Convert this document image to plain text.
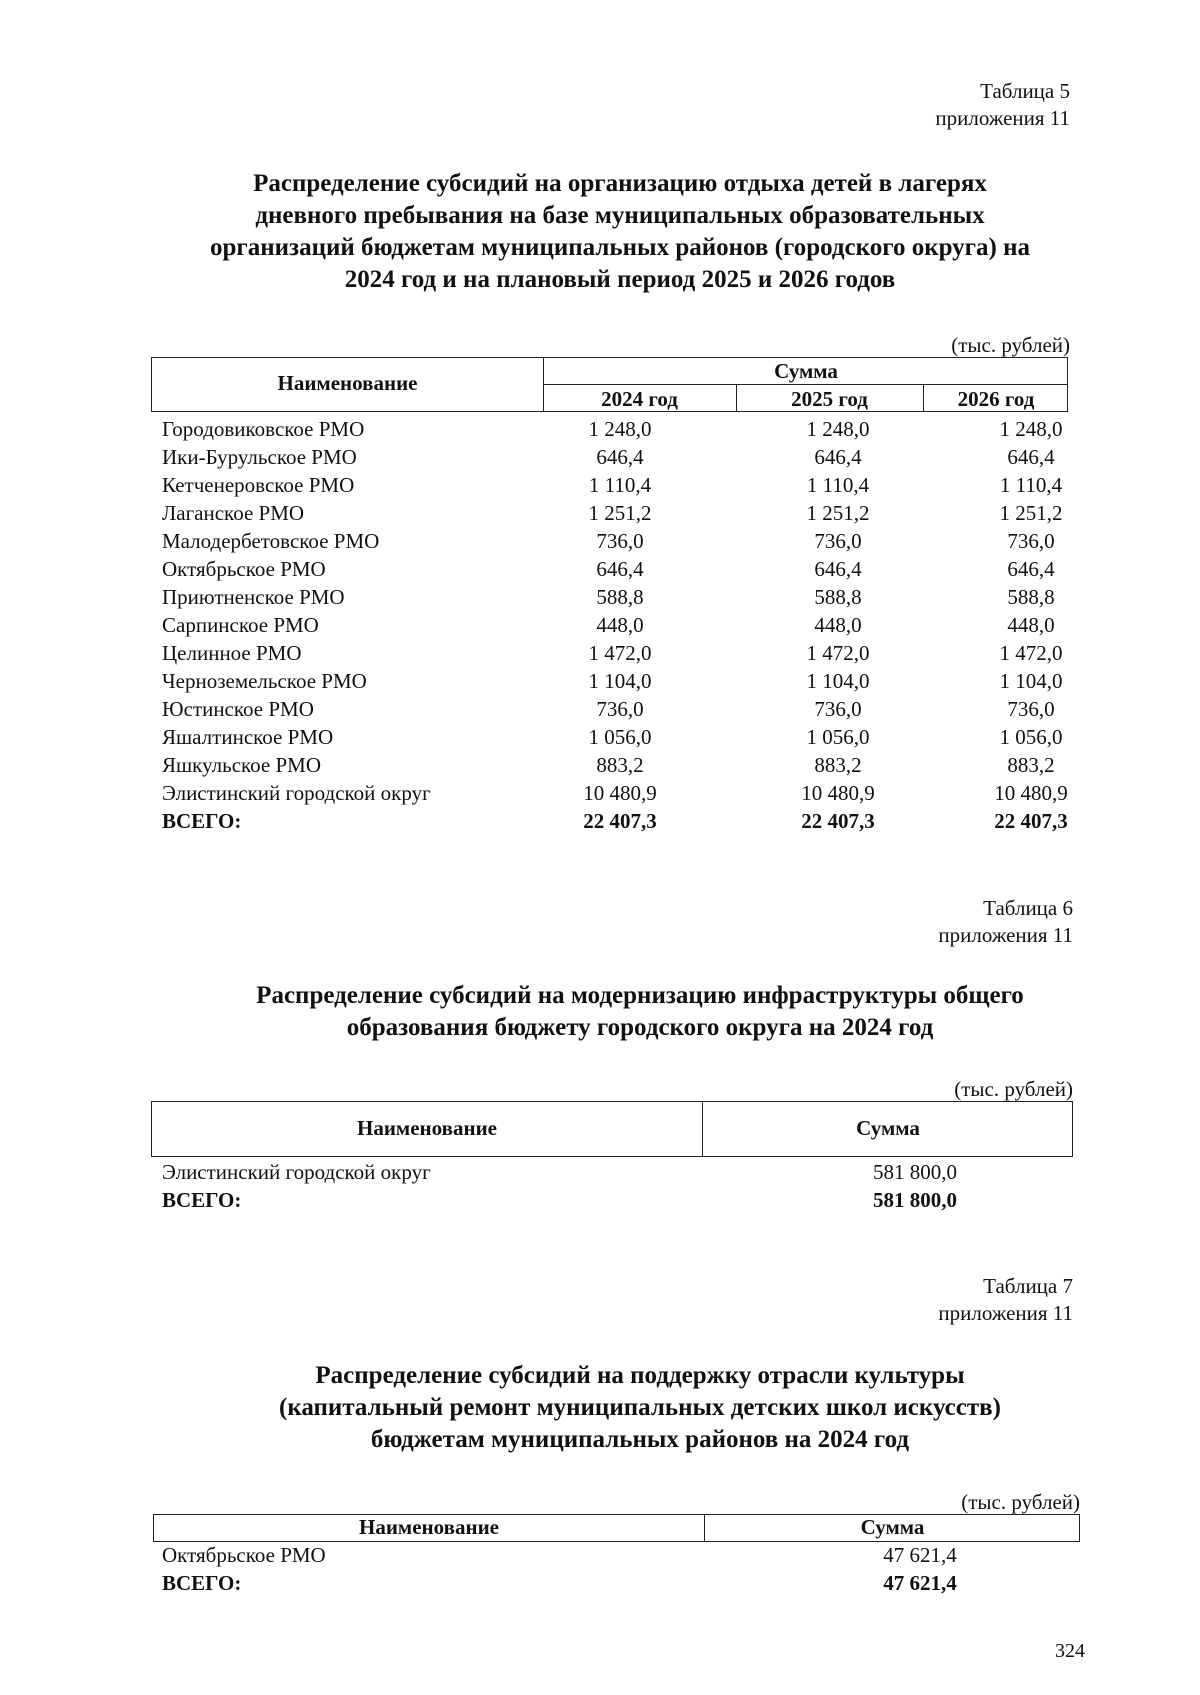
Таблица 5
приложения 11
Распределение субсидий на организацию отдыха детей в лагерях
дневного пребывания на базе муниципальных образовательных
организаций бюджетам муниципальных районов (городского округа) на
2024 год и на плановый период 2025 и 2026 годов
(тыс. рублей)
Наименование	Сумма
2024 год	2025 год	2026 год
Городовиковское РМО	1 248,0	1 248,0	1 248,0
Ики-Бурульское РМО	646,4	646,4	646,4
Кетченеровское РМО	1 110,4	1 110,4	1 110,4
Лаганское РМО	1 251,2	1 251,2	1 251,2
Малодербетовское РМО	736,0	736,0	736,0
Октябрьское РМО	646,4	646,4	646,4
Приютненское РМО	588,8	588,8	588,8
Сарпинское РМО	448,0	448,0	448,0
Целинное РМО	1 472,0	1 472,0	1 472,0
Черноземельское РМО	1 104,0	1 104,0	1 104,0
Юстинское РМО	736,0	736,0	736,0
Яшалтинское РМО	1 056,0	1 056,0	1 056,0
Яшкульское РМО	883,2	883,2	883,2
Элистинский городской округ	10 480,9	10 480,9	10 480,9
ВСЕГО:	22 407,3	22 407,3	22 407,3
Таблица 6
приложения 11
Распределение субсидий на модернизацию инфраструктуры общего
образования бюджету городского округа на 2024 год
(тыс. рублей)
Наименование	Сумма
Элистинский городской округ	581 800,0
ВСЕГО:	581 800,0
Таблица 7
приложения 11
Распределение субсидий на поддержку отрасли культуры
(капитальный ремонт муниципальных детских школ искусств)
бюджетам муниципальных районов на 2024 год
(тыс. рублей)
Наименование	Сумма
Октябрьское РМО	47 621,4
ВСЕГО:	47 621,4
324
